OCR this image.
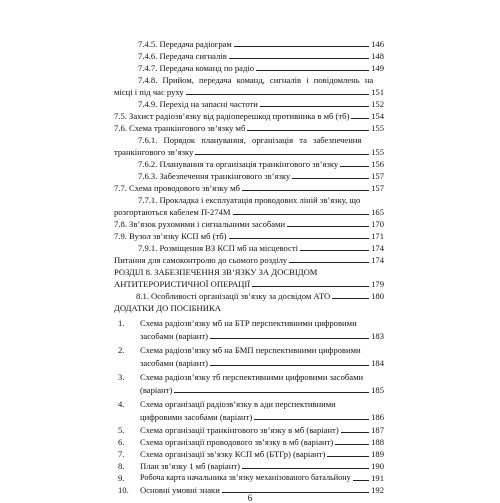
7.4.5. Передача радіограм	146
7.4.6. Передача сигналів	148
7.4.7. Передача команд по радіо	149
7.4.8. Прийом, передача команд, сигналів і повідомлень на
місці і під час руху	151
7.4.9. Перехід на запасні частоти	152
7.5. Захист радіозв’язку від радіоперешкод противника в мб (тб)	154
7.6. Схема транкінгового зв’язку мб	155
7.6.1. Порядок планування, організація та забезпечення
транкінгового зв’язку	155
7.6.2. Планування та організація транкінгового зв’язку	156
7.6.3. Забезпечення транкінгового зв’язку	157
7.7. Схема проводового зв’язку мб	157
7.7.1. Прокладка і експлуатація проводових ліній зв’язку, що
розгортаються кабелем П-274М	165
7.8. Зв’язок рухомими і сигнальними засобами	170
7.9. Вузол зв’язку КСП мб (тб)	171
7.9.1. Розміщення ВЗ КСП мб на місцевості	174
Питання для самоконтролю до сьомого розділу	174
РОЗДІЛ 8. ЗАБЕЗПЕЧЕННЯ ЗВ’ЯЗКУ ЗА ДОСВІДОМ
АНТИТЕРОРИСТИЧНОЇ ОПЕРАЦІЇ	179
8.1. Особливості організації зв’язку за досвідом АТО	180
ДОДАТКИ ДО ПОСІБНИКА
1. Схема радіозв’язку мб на БТР перспективними цифровими
засобами (варіант)	183
2. Схема радіозв’язку мб на БМП перспективними цифровими
засобами (варіант)	184
3. Схема радіозв’язку тб перспективними цифровими засобами
(варіант)	185
4. Схема організації радіозв’язку в ади перспективними
цифровими засобами (варіант)	186
5. Схема організації транкінгового зв’язку в мб (варіант)	187
6. Схема організації проводового зв’язку в мб (варіант)	188
7. Схема організації зв’язку КСП мб (БТГр) (варіант)	189
8. План зв’язку 1 мб (варіант)	190
9. Робоча карта начальника зв’язку механізованого батальйону 191
10. Основні умовні знаки	192
6
